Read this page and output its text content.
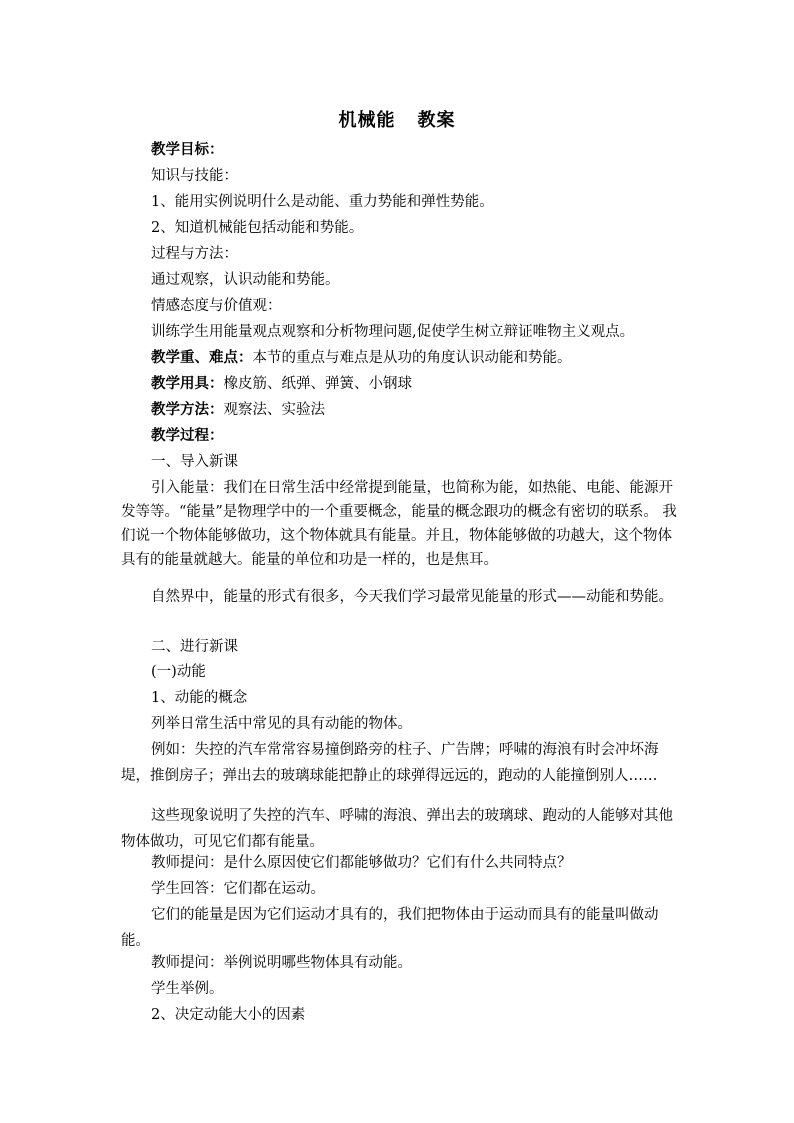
机械能 教案
教学目标：
知识与技能：
1、能用实例说明什么是动能、重力势能和弹性势能。
2、知道机械能包括动能和势能。
过程与方法：
通过观察，认识动能和势能。
情感态度与价值观：
训练学生用能量观点观察和分析物理问题,促使学生树立辩证唯物主义观点。
教学重、难点：本节的重点与难点是从功的角度认识动能和势能。
教学用具：橡皮筋、纸弹、弹簧、小钢球
教学方法：观察法、实验法
教学过程：
一、导入新课
引入能量：我们在日常生活中经常提到能量，也简称为能，如热能、电能、能源开发等等。“能量”是物理学中的一个重要概念，能量的概念跟功的概念有密切的联系。 我们说一个物体能够做功，这个物体就具有能量。并且，物体能够做的功越大，这个物体具有的能量就越大。能量的单位和功是一样的，也是焦耳。
自然界中，能量的形式有很多，今天我们学习最常见能量的形式——动能和势能。
二、进行新课
(一)动能
1、动能的概念
列举日常生活中常见的具有动能的物体。
例如：失控的汽车常常容易撞倒路旁的柱子、广告牌；呼啸的海浪有时会冲坏海堤，推倒房子；弹出去的玻璃球能把静止的球弹得远远的，跑动的人能撞倒别人……
这些现象说明了失控的汽车、呼啸的海浪、弹出去的玻璃球、跑动的人能够对其他物体做功，可见它们都有能量。
教师提问：是什么原因使它们都能够做功？它们有什么共同特点？
学生回答：它们都在运动。
它们的能量是因为它们运动才具有的，我们把物体由于运动而具有的能量叫做动能。
教师提问：举例说明哪些物体具有动能。
学生举例。
2、决定动能大小的因素
